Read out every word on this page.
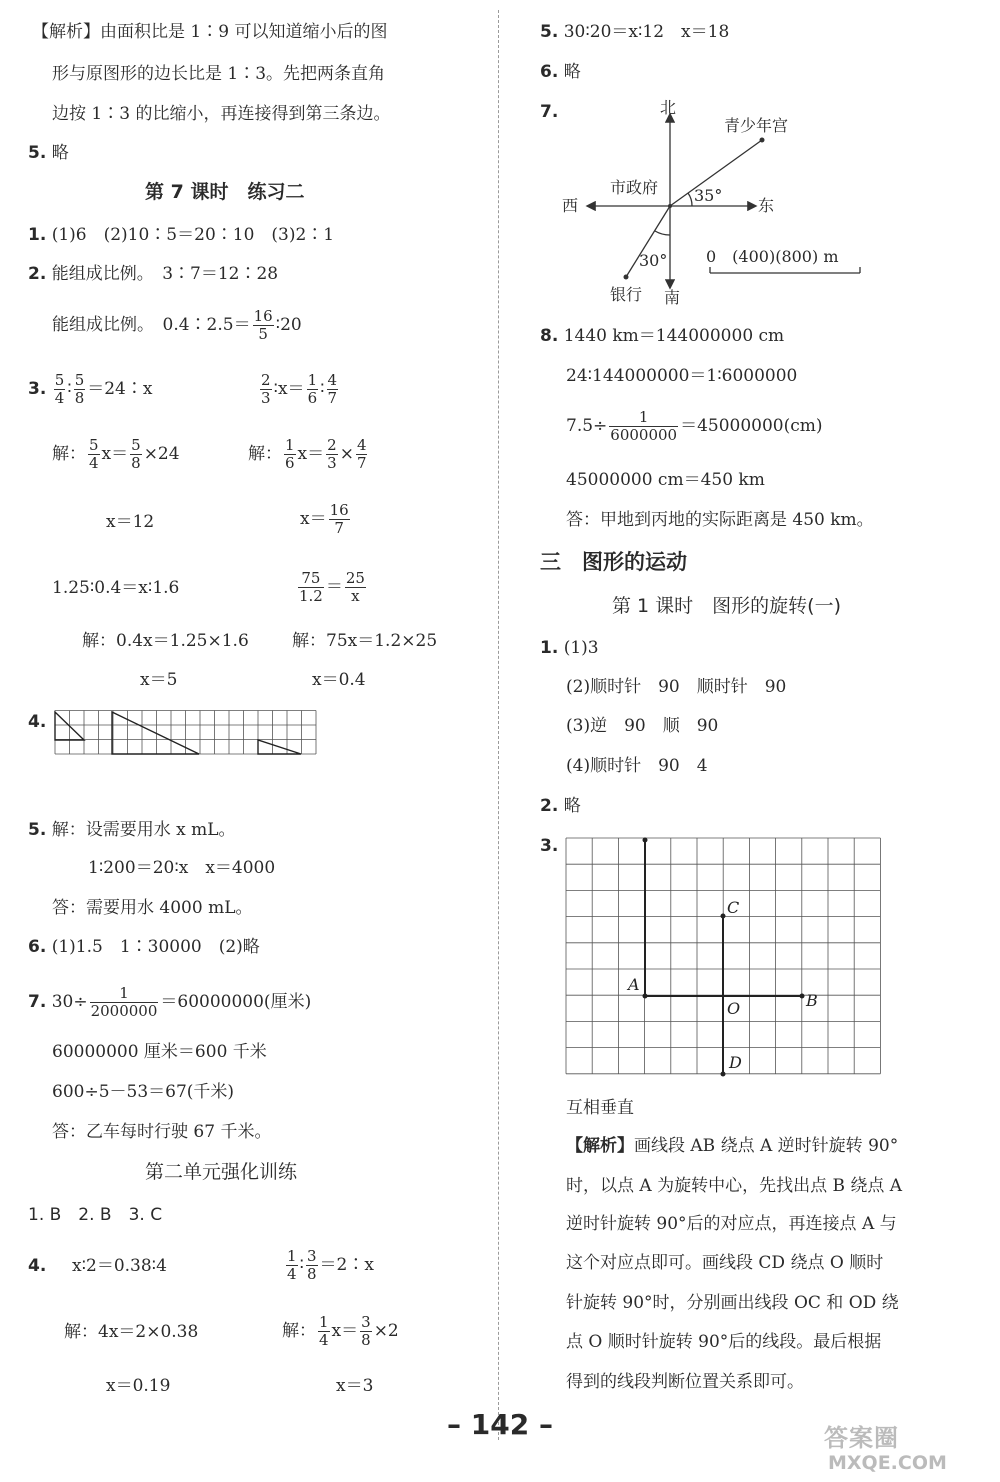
【解析】由面积比是 1∶9 可以知道缩小后的图
形与原图形的边长比是 1∶3。先把两条直角
边按 1∶3 的比缩小，再连接得到第三条边。
5. 略
第 7 课时　练习二
1. (1)6　(2)10∶5＝20∶10　(3)2∶1
2. 能组成比例。　3∶7＝12∶28
能组成比例。　0.4∶2.5＝ $\frac{16}{5}$ ∶20
3. $\frac{5}{4}$ ∶ $\frac{5}{8}$ ＝24∶x	$\frac{2}{3}$ ∶x＝ $\frac{1}{6}$ ∶ $\frac{4}{7}$
解： $\frac{5}{4} x= \frac{5}{8} \times 24$	解： $\frac{1}{6} x= \frac{2}{3} \times \frac{4}{7}$
x＝12	$x= \frac{16}{7}$
1.25∶0.4＝x∶1.6	$\frac{75}{1.2} = \frac{25}{x}$
解：0.4x＝1.25×1.6	解：75x＝1.2×25
x＝5	x＝0.4
4.
5. 解：设需要用水 x mL。
1∶200＝20∶x　x＝4000
答：需要用水 4000 mL。
6. (1)1.5　1∶30000　(2)略
7. $30\div \frac{1}{2000000} =60000000$(厘米)
60000000 厘米＝600 千米
600÷5－53＝67(千米)
答：乙车每时行驶 67 千米。
第二单元强化训练
1. B　2. B　3. C
4. x∶2＝0.38∶4	$\frac{1}{4}$ ∶ $\frac{3}{8}$ ＝2∶x
解：4x＝2×0.38	解： $\frac{1}{4} x= \frac{3}{8} \times 2$
x＝0.19	x＝3
5. 30∶20＝x∶12　x＝18
6. 略
7.	北
南
西	东
市政府
青少年宫
银行
35°
30° 0　(400)(800) m
8. 1440 km＝144000000 cm
24∶144000000＝1∶6000000
$7.5\div \frac{1}{6000000} =45000000(cm)$
45000000 cm＝450 km
答：甲地到丙地的实际距离是 450 km。
三　图形的运动
第 1 课时　图形的旋转(一)
1. (1)3
(2)顺时针　90　顺时针　90
(3)逆　90　顺　90
(4)顺时针　90　4
2. 略
3.
A
B
C
O
D
互相垂直
【解析】画线段 AB 绕点 A 逆时针旋转 90°
时，以点 A 为旋转中心，先找出点 B 绕点 A
逆时针旋转 90°后的对应点，再连接点 A 与
这个对应点即可。画线段 CD 绕点 O 顺时
针旋转 90°时，分别画出线段 OC 和 OD 绕
点 O 顺时针旋转 90°后的线段。最后根据
得到的线段判断位置关系即可。
– 142 –	答案圈
MXQE.COM
